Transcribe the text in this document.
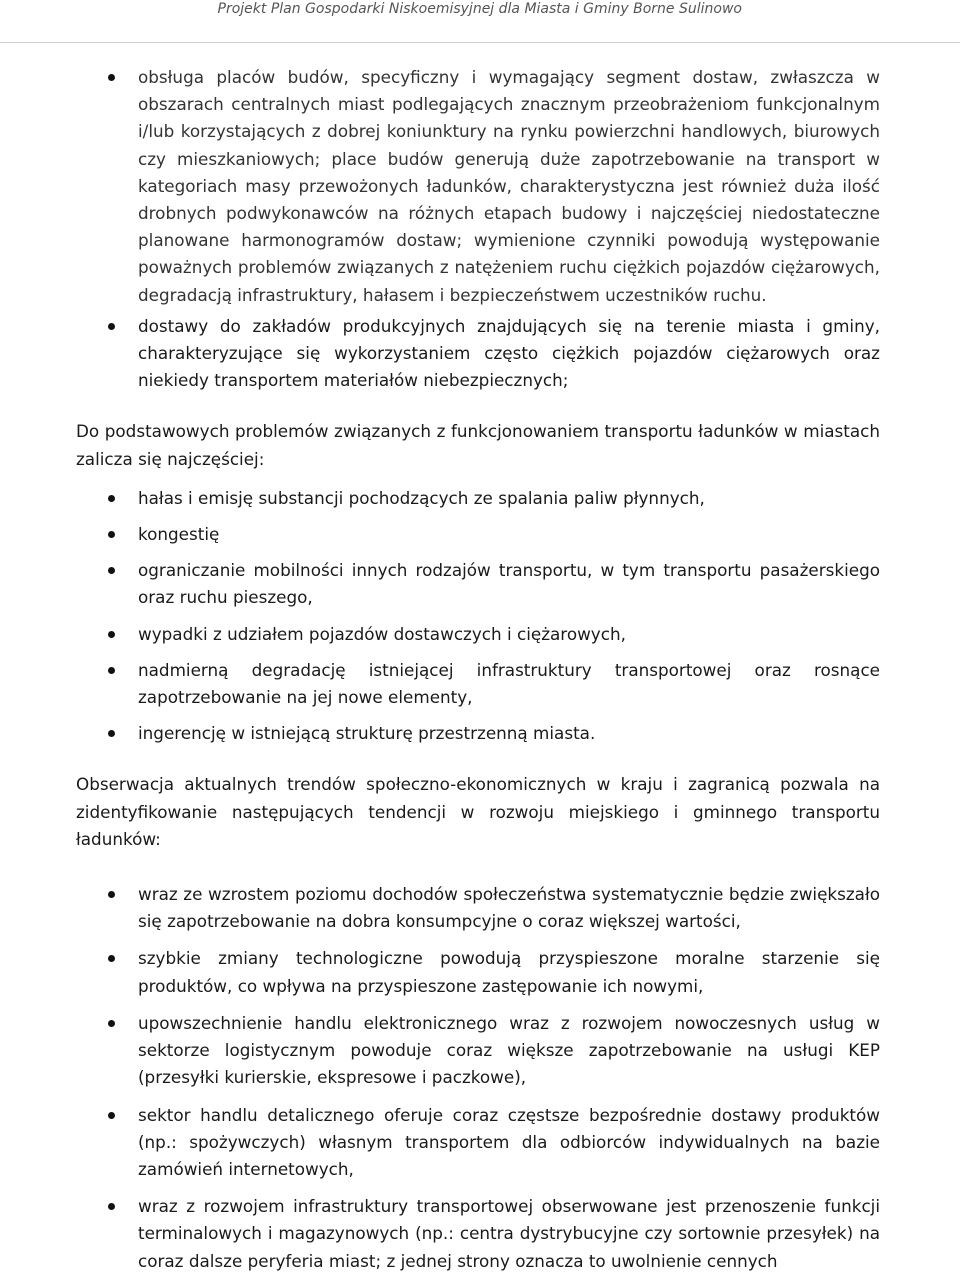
Projekt Plan Gospodarki Niskoemisyjnej dla Miasta i Gminy Borne Sulinowo
obsługa placów budów, specyficzny i wymagający segment dostaw, zwłaszcza w obszarach centralnych miast podlegających znacznym przeobrażeniom funkcjonalnym i/lub korzystających z dobrej koniunktury na rynku powierzchni handlowych, biurowych czy mieszkaniowych; place budów generują duże zapotrzebowanie na transport w kategoriach masy przewożonych ładunków, charakterystyczna jest również duża ilość drobnych podwykonawców na różnych etapach budowy i najczęściej niedostateczne planowane harmonogramów dostaw; wymienione czynniki powodują występowanie poważnych problemów związanych z natężeniem ruchu ciężkich pojazdów ciężarowych, degradacją infrastruktury, hałasem i bezpieczeństwem uczestników ruchu.
dostawy do zakładów produkcyjnych znajdujących się na terenie miasta i gminy, charakteryzujące się wykorzystaniem często ciężkich pojazdów ciężarowych oraz niekiedy transportem materiałów niebezpiecznych;

Do podstawowych problemów związanych z funkcjonowaniem transportu ładunków w miastach zalicza się najczęściej:

hałas i emisję substancji pochodzących ze spalania paliw płynnych,
kongestię
ograniczanie mobilności innych rodzajów transportu, w tym transportu pasażerskiego oraz ruchu pieszego,
wypadki z udziałem pojazdów dostawczych i ciężarowych,
nadmierną degradację istniejącej infrastruktury transportowej oraz rosnące zapotrzebowanie na jej nowe elementy,
ingerencję w istniejącą strukturę przestrzenną miasta.

Obserwacja aktualnych trendów społeczno-ekonomicznych w kraju i zagranicą pozwala na zidentyfikowanie następujących tendencji w rozwoju miejskiego i gminnego transportu ładunków:

wraz ze wzrostem poziomu dochodów społeczeństwa systematycznie będzie zwiększało się zapotrzebowanie na dobra konsumpcyjne o coraz większej wartości,
szybkie zmiany technologiczne powodują przyspieszone moralne starzenie się produktów, co wpływa na przyspieszone zastępowanie ich nowymi,
upowszechnienie handlu elektronicznego wraz z rozwojem nowoczesnych usług w sektorze logistycznym powoduje coraz większe zapotrzebowanie na usługi KEP (przesyłki kurierskie, ekspresowe i paczkowe),
sektor handlu detalicznego oferuje coraz częstsze bezpośrednie dostawy produktów (np.: spożywczych) własnym transportem dla odbiorców indywidualnych na bazie zamówień internetowych,
wraz z rozwojem infrastruktury transportowej obserwowane jest przenoszenie funkcji terminalowych i magazynowych (np.: centra dystrybucyjne czy sortownie przesyłek) na coraz dalsze peryferia miast; z jednej strony oznacza to uwolnienie cennych
